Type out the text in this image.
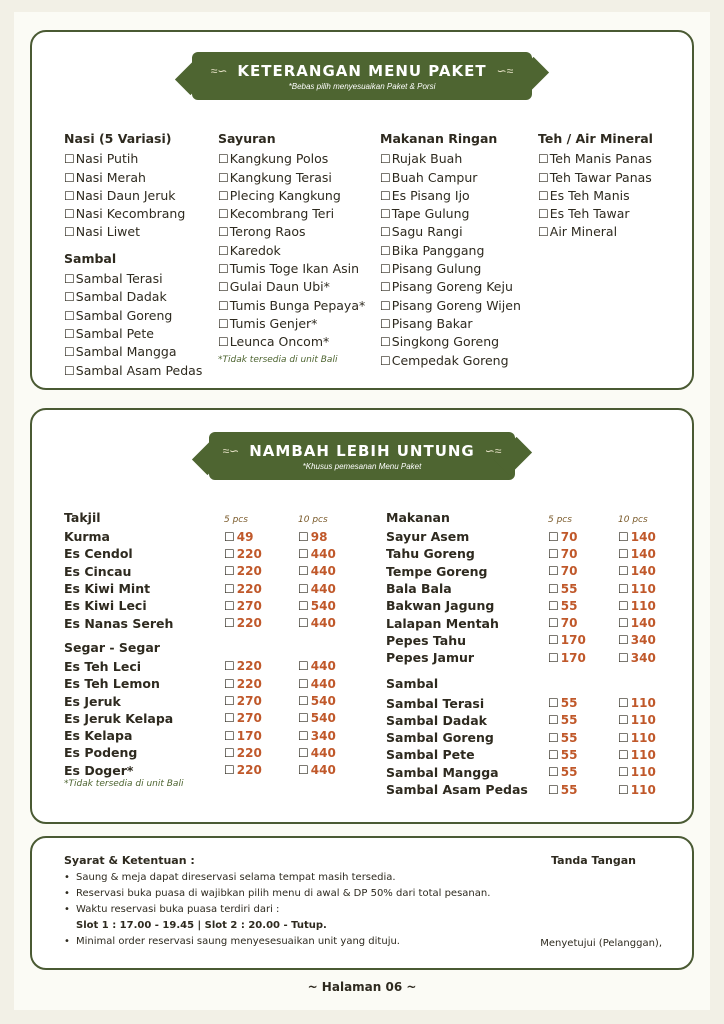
≈∽ KETERANGAN MENU PAKET ∽≈
*Bebas pilih menyesuaikan Paket & Porsi
Nasi (5 Variasi)
☐Nasi Putih
☐Nasi Merah
☐Nasi Daun Jeruk
☐Nasi Kecombrang
☐Nasi Liwet
Sambal
☐Sambal Terasi
☐Sambal Dadak
☐Sambal Goreng
☐Sambal Pete
☐Sambal Mangga
☐Sambal Asam Pedas
Sayuran
☐Kangkung Polos
☐Kangkung Terasi
☐Plecing Kangkung
☐Kecombrang Teri
☐Terong Raos
☐Karedok
☐Tumis Toge Ikan Asin
☐Gulai Daun Ubi*
☐Tumis Bunga Pepaya*
☐Tumis Genjer*
☐Leunca Oncom*
*Tidak tersedia di unit Bali
Makanan Ringan
☐Rujak Buah
☐Buah Campur
☐Es Pisang Ijo
☐Tape Gulung
☐Sagu Rangi
☐Bika Panggang
☐Pisang Gulung
☐Pisang Goreng Keju
☐Pisang Goreng Wijen
☐Pisang Bakar
☐Singkong Goreng
☐Cempedak Goreng
Teh / Air Mineral
☐Teh Manis Panas
☐Teh Tawar Panas
☐Es Teh Manis
☐Es Teh Tawar
☐Air Mineral
≈∽ NAMBAH LEBIH UNTUNG ∽≈
*Khusus pemesanan Menu Paket
Takjil	5 pcs	10 pcs
Kurma	☐ 49	☐ 98
Es Cendol	☐ 220	☐ 440
Es Cincau	☐ 220	☐ 440
Es Kiwi Mint	☐ 220	☐ 440
Es Kiwi Leci	☐ 270	☐ 540
Es Nanas Sereh	☐ 220	☐ 440
Segar - Segar
Es Teh Leci	☐ 220	☐ 440
Es Teh Lemon	☐ 220	☐ 440
Es Jeruk	☐ 270	☐ 540
Es Jeruk Kelapa	☐ 270	☐ 540
Es Kelapa	☐ 170	☐ 340
Es Podeng	☐ 220	☐ 440
Es Doger*	☐ 220	☐ 440
*Tidak tersedia di unit Bali
Makanan	5 pcs	10 pcs
Sayur Asem	☐ 70	☐ 140
Tahu Goreng	☐ 70	☐ 140
Tempe Goreng	☐ 70	☐ 140
Bala Bala	☐ 55	☐ 110
Bakwan Jagung	☐ 55	☐ 110
Lalapan Mentah	☐ 70	☐ 140
Pepes Tahu	☐ 170	☐ 340
Pepes Jamur	☐ 170	☐ 340
Sambal
Sambal Terasi	☐ 55	☐ 110
Sambal Dadak	☐ 55	☐ 110
Sambal Goreng	☐ 55	☐ 110
Sambal Pete	☐ 55	☐ 110
Sambal Mangga	☐ 55	☐ 110
Sambal Asam Pedas	☐ 55	☐ 110
Syarat & Ketentuan :
• Saung & meja dapat direservasi selama tempat masih tersedia.
• Reservasi buka puasa di wajibkan pilih menu di awal & DP 50% dari total pesanan.
• Waktu reservasi buka puasa terdiri dari :
Slot 1 : 17.00 - 19.45 | Slot 2 : 20.00 - Tutup.
• Minimal order reservasi saung menyesesuaikan unit yang dituju.
Tanda Tangan
Menyetujui (Pelanggan),
~ Halaman 06 ~
